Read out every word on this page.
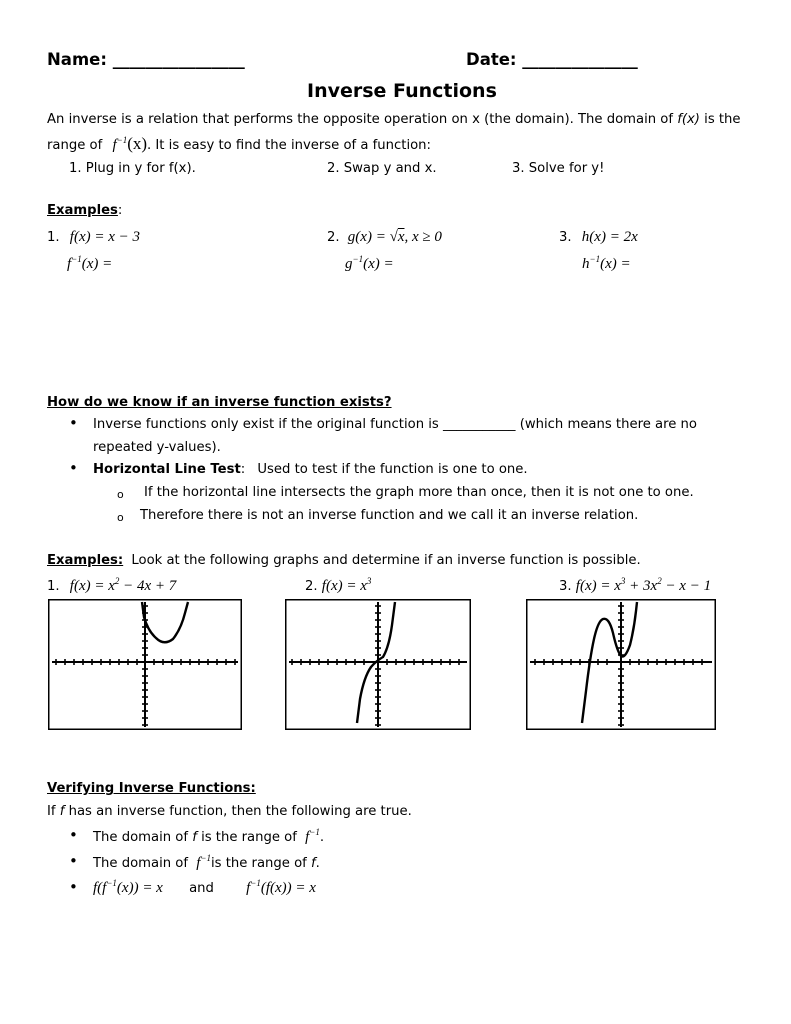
Name: ________________	Date: ______________
Inverse Functions
An inverse is a relation that performs the opposite operation on x (the domain). The domain of f(x) is the
range of $f^{-1}(x)$. It is easy to find the inverse of a function:
1. Plug in y for f(x).	2. Swap y and x.	3. Solve for y!
Examples:
1. f(x) = x − 3
$f^{-1}(x)$ =
2. g(x) = √x, x ≥ 0
$g^{-1}(x)$ =
3. h(x) = 2x
$h^{-1}(x)$ =
How do we know if an inverse function exists?
• Inverse functions only exist if the original function is ___________ (which means there are no
repeated y-values).
• Horizontal Line Test: Used to test if the function is one to one.
o If the horizontal line intersects the graph more than once, then it is not one to one.
o Therefore there is not an inverse function and we call it an inverse relation.
Examples: Look at the following graphs and determine if an inverse function is possible.
1. $f(x) = x^2 - 4x + 7$	2. $f(x) = x^3$	3. $f(x) = x^3 + 3x^2 - x - 1$
Verifying Inverse Functions:
If f has an inverse function, then the following are true.
• The domain of f is the range of $f^{-1}$.
• The domain of $f^{-1}is$ the range of f.
• $f(f^{-1}(x)) = x$ and $f^{-1}(f(x)) = x$
